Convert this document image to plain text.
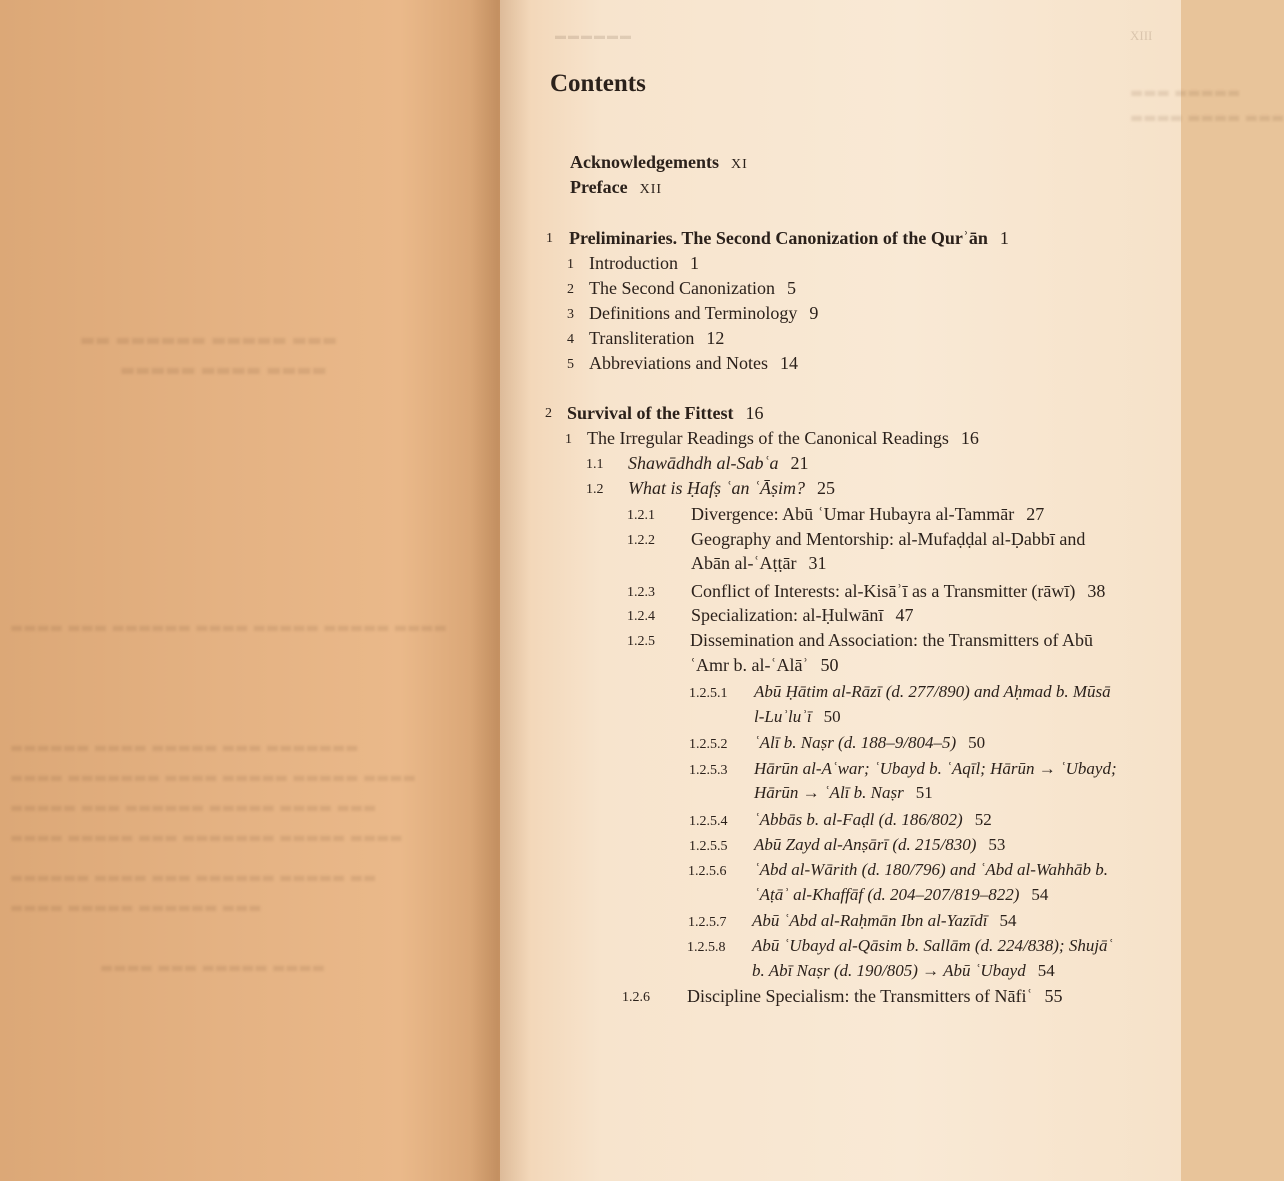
▬▬ ▬▬▬▬▬▬ ▬▬▬▬▬ ▬▬▬
▬▬▬▬▬ ▬▬▬▬ ▬▬▬▬
▬▬▬▬ ▬▬▬ ▬▬▬▬▬▬ ▬▬▬▬ ▬▬▬▬▬ ▬▬▬▬▬ ▬▬▬▬
▬▬▬▬▬▬ ▬▬▬▬ ▬▬▬▬▬ ▬▬▬ ▬▬▬▬▬▬▬
▬▬▬▬ ▬▬▬▬▬▬▬ ▬▬▬▬ ▬▬▬▬▬ ▬▬▬▬▬ ▬▬▬▬
▬▬▬▬▬ ▬▬▬ ▬▬▬▬▬▬ ▬▬▬▬▬ ▬▬▬▬ ▬▬▬
▬▬▬▬ ▬▬▬▬▬ ▬▬▬ ▬▬▬▬▬▬▬ ▬▬▬▬▬ ▬▬▬▬
▬▬▬▬▬▬ ▬▬▬▬ ▬▬▬ ▬▬▬▬▬▬ ▬▬▬▬▬ ▬▬
▬▬▬▬ ▬▬▬▬▬ ▬▬▬▬▬▬ ▬▬▬
▬▬▬▬ ▬▬▬ ▬▬▬▬▬ ▬▬▬▬
▬▬▬ ▬▬▬▬▬
▬▬▬▬ ▬▬▬▬ ▬▬▬
▬▬▬▬▬▬	XIII
Contents
Acknowledgements XI
Preface XII
1 Preliminaries. The Second Canonization of the Qurʾān 1
1 Introduction 1
2 The Second Canonization 5
3 Definitions and Terminology 9
4 Transliteration 12
5 Abbreviations and Notes 14
2 Survival of the Fittest 16
1 The Irregular Readings of the Canonical Readings 16
1.1 Shawādhdh al-Sabʿa 21
1.2 What is Ḥafṣ ʿan ʿĀṣim? 25
1.2.1 Divergence: Abū ʿUmar Hubayra al-Tammār 27
1.2.2 Geography and Mentorship: al-Mufaḍḍal al-Ḍabbī and
Abān al-ʿAṭṭār 31
1.2.3 Conflict of Interests: al-Kisāʾī as a Transmitter (rāwī) 38
1.2.4 Specialization: al-Ḥulwānī 47
1.2.5 Dissemination and Association: the Transmitters of Abū
ʿAmr b. al-ʿAlāʾ 50
1.2.5.1 Abū Ḥātim al-Rāzī (d. 277/890) and Aḥmad b. Mūsā
l-Luʾluʾī 50
1.2.5.2 ʿAlī b. Naṣr (d. 188–9/804–5) 50
1.2.5.3 Hārūn al-Aʿwar; ʿUbayd b. ʿAqīl; Hārūn → ʿUbayd;
Hārūn → ʿAlī b. Naṣr 51
1.2.5.4 ʿAbbās b. al-Faḍl (d. 186/802) 52
1.2.5.5 Abū Zayd al-Anṣārī (d. 215/830) 53
1.2.5.6 ʿAbd al-Wārith (d. 180/796) and ʿAbd al-Wahhāb b.
ʿAṭāʾ al-Khaffāf (d. 204–207/819–822) 54
1.2.5.7 Abū ʿAbd al-Raḥmān Ibn al-Yazīdī 54
1.2.5.8 Abū ʿUbayd al-Qāsim b. Sallām (d. 224/838); Shujāʿ
b. Abī Naṣr (d. 190/805) → Abū ʿUbayd 54
1.2.6 Discipline Specialism: the Transmitters of Nāfiʿ 55
